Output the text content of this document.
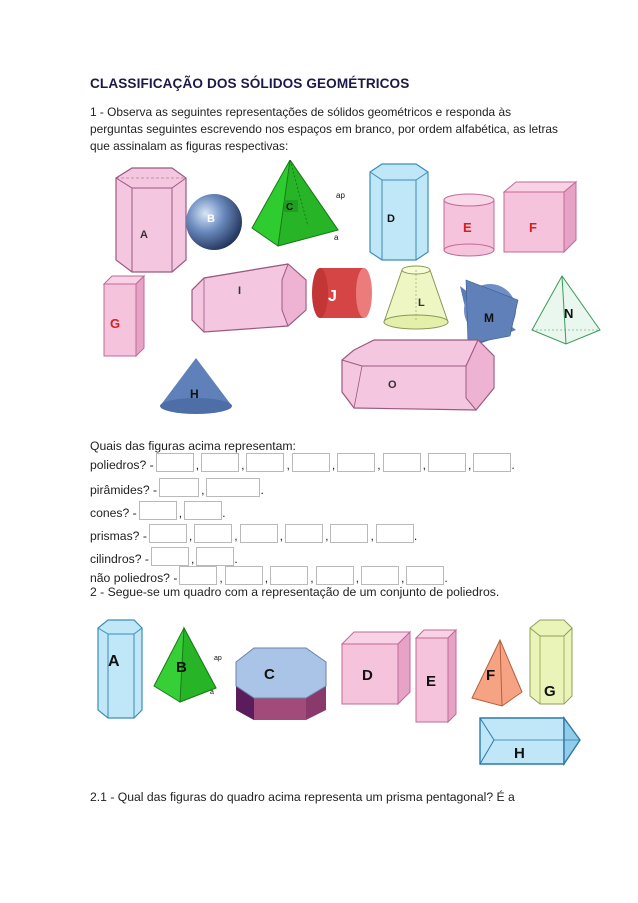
CLASSIFICAÇÃO DOS SÓLIDOS GEOMÉTRICOS
1 - Observa as seguintes representações de sólidos geométricos e responda às perguntas seguintes escrevendo nos espaços em branco, por ordem alfabética, as letras que assinalam as figuras respectivas:
A
B
C
ap
a
D
E	F
G
I	J	L
M	N
H
O
Quais das figuras acima representam:
poliedros? -	,	,	,	,	,	,	,	.
pirâmides? -	,	.
cones? -	,	.
prismas? -	,	,	,	,	,	.
cilindros? -	,	.
não poliedros? -	,	,	,	,	,	.
2 - Segue-se um quadro com a representação de um conjunto de poliedros.
A	B
ap
a
C	D	E	F
G
H
2.1 - Qual das figuras do quadro acima representa um prisma pentagonal? É a
